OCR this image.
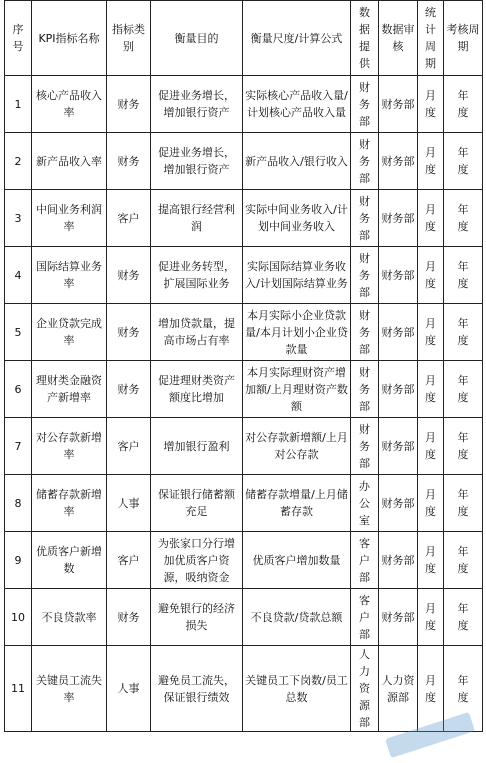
序号	KPI指标名称	指标类别	衡量目的	衡量尺度/计算公式	数据提供	数据审核	统计周期	考核周期
1	核心产品收入率	财务	促进业务增长，增加银行资产	实际核心产品收入量/计划核心产品收入量	财务部	财务部	月度	年度
2	新产品收入率	财务	促进业务增长，增加银行资产	新产品收入/银行收入	财务部	财务部	月度	年度
3	中间业务利润率	客户	提高银行经营利润	实际中间业务收入/计划中间业务收入	财务部	财务部	月度	年度
4	国际结算业务率	财务	促进业务转型，扩展国际业务	实际国际结算业务收入/计划国际结算业务	财务部	财务部	月度	年度
5	企业贷款完成率	财务	增加贷款量，提高市场占有率	本月实际小企业贷款量/本月计划小企业贷款量	财务部	财务部	月度	年度
6	理财类金融资产新增率	财务	促进理财类资产额度比增加	本月实际理财资产增加额/上月理财资产数额	财务部	财务部	月度	年度
7	对公存款新增率	客户	增加银行盈利	对公存款新增额/上月对公存款	财务部	财务部	月度	年度
8	储蓄存款新增率	人事	保证银行储蓄额充足	储蓄存款增量/上月储蓄存款	办公室	财务部	月度	年度
9	优质客户新增数	客户	为张家口分行增加优质客户资源，吸纳资金	优质客户增加数量	客户部	财务部	月度	年度
10	不良贷款率	财务	避免银行的经济损失	不良贷款/贷款总额	客户部	财务部	月度	年度
11	关键员工流失率	人事	避免员工流失，保证银行绩效	关键员工下岗数/员工总数	人力资源部	人力资源部	月度	年度
